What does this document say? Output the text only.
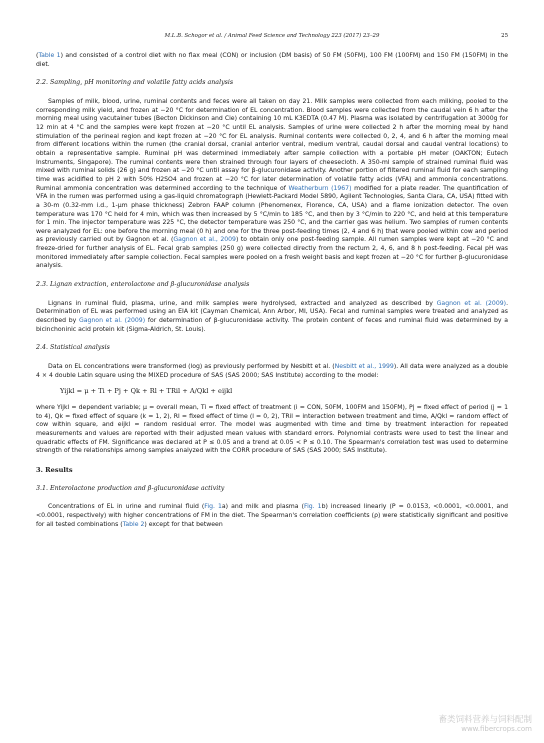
M.L.B. Schogor et al. / Animal Feed Science and Technology 223 (2017) 23–29	25

(Table 1) and consisted of a control diet with no flax meal (CON) or inclusion (DM basis) of 50 FM (50FM), 100 FM (100FM) and 150 FM (150FM) in the diet.

2.2. Sampling, pH monitoring and volatile fatty acids analysis

Samples of milk, blood, urine, ruminal contents and feces were all taken on day 21. Milk samples were collected from each milking, pooled to the corresponding milk yield, and frozen at −20 °C for determination of EL concentration. Blood samples were collected from the caudal vein 6 h after the morning meal using vacutainer tubes (Becton Dickinson and Cie) containing 10 mL K3EDTA (0.47 M). Plasma was isolated by centrifugation at 3000g for 12 min at 4 °C and the samples were kept frozen at −20 °C until EL analysis. Samples of urine were collected 2 h after the morning meal by hand stimulation of the perineal region and kept frozen at −20 °C for EL analysis. Ruminal contents were collected 0, 2, 4, and 6 h after the morning meal from different locations within the rumen (the cranial dorsal, cranial anterior ventral, medium ventral, caudal dorsal and caudal ventral locations) to obtain a representative sample. Ruminal pH was determined immediately after sample collection with a portable pH meter (OAKTON; Eutech Instruments, Singapore). The ruminal contents were then strained through four layers of cheesecloth. A 350-ml sample of strained ruminal fluid was mixed with ruminal solids (26 g) and frozen at −20 °C until assay for β-glucuronidase activity. Another portion of filtered ruminal fluid for each sampling time was acidified to pH 2 with 50% H2SO4 and frozen at −20 °C for later determination of volatile fatty acids (VFA) and ammonia concentrations. Ruminal ammonia concentration was determined according to the technique of Weatherburn (1967) modified for a plate reader. The quantification of VFA in the rumen was performed using a gas-liquid chromatograph (Hewlett-Packard Model 5890, Agilent Technologies, Santa Clara, CA, USA) fitted with a 30-m (0.32-mm i.d., 1-μm phase thickness) Zebron FAAP column (Phenomenex, Florence, CA, USA) and a flame ionization detector. The oven temperature was 170 °C held for 4 min, which was then increased by 5 °C/min to 185 °C, and then by 3 °C/min to 220 °C, and held at this temperature for 1 min. The injector temperature was 225 °C, the detector temperature was 250 °C, and the carrier gas was helium. Two samples of rumen contents were analyzed for EL: one before the morning meal (0 h) and one for the three post-feeding times (2, 4 and 6 h) that were pooled within cow and period as previously carried out by Gagnon et al. (Gagnon et al., 2009) to obtain only one post-feeding sample. All rumen samples were kept at −20 °C and freeze-dried for further analysis of EL. Fecal grab samples (250 g) were collected directly from the rectum 2, 4, 6, and 8 h post-feeding. Fecal pH was monitored immediately after sample collection. Fecal samples were pooled on a fresh weight basis and kept frozen at −20 °C for further β-glucuronidase analysis.

2.3. Lignan extraction, enterolactone and β-glucuronidase analysis

Lignans in ruminal fluid, plasma, urine, and milk samples were hydrolysed, extracted and analyzed as described by Gagnon et al. (2009). Determination of EL was performed using an EIA kit (Cayman Chemical, Ann Arbor, MI, USA). Fecal and ruminal samples were treated and analyzed as described by Gagnon et al. (2009) for determination of β-glucuronidase activity. The protein content of feces and ruminal fluid was determined by a bicinchoninic acid protein kit (Sigma-Aldrich, St. Louis).

2.4. Statistical analysis

Data on EL concentrations were transformed (log) as previously performed by Nesbitt et al. (Nesbitt et al., 1999). All data were analyzed as a double 4 × 4 double Latin square using the MIXED procedure of SAS (SAS 2000; SAS Institute) according to the model:

Yijkl = μ + Ti + Pj + Qk + Rl + TRil + A/Qkl + eijkl

where Yijkl = dependent variable; μ = overall mean, Ti = fixed effect of treatment (i = CON, 50FM, 100FM and 150FM), Pj = fixed effect of period (j = 1 to 4), Qk = fixed effect of square (k = 1, 2), Rl = fixed effect of time (l = 0, 2), TRil = interaction between treatment and time, A/Qkl = random effect of cow within square, and eijkl = random residual error. The model was augmented with time and time by treatment interaction for repeated measurements and values are reported with their adjusted mean values with standard errors. Polynomial contrasts were used to test the linear and quadratic effects of FM. Significance was declared at P ≤ 0.05 and a trend at 0.05 < P ≤ 0.10. The Spearman's correlation test was used to determine strength of the relationships among samples analyzed with the CORR procedure of SAS (SAS 2000; SAS Institute).

3. Results
3.1. Enterolactone production and β-glucuronidase activity

Concentrations of EL in urine and ruminal fluid (Fig. 1a) and milk and plasma (Fig. 1b) increased linearly (P = 0.0153, <0.0001, <0.0001, and <0.0001, respectively) with higher concentrations of FM in the diet. The Spearman's correlation coefficients (ρ) were statistically significant and positive for all tested combinations (Table 2) except for that between

畜类饲料营养与饲料配制
www.fibercrops.com
